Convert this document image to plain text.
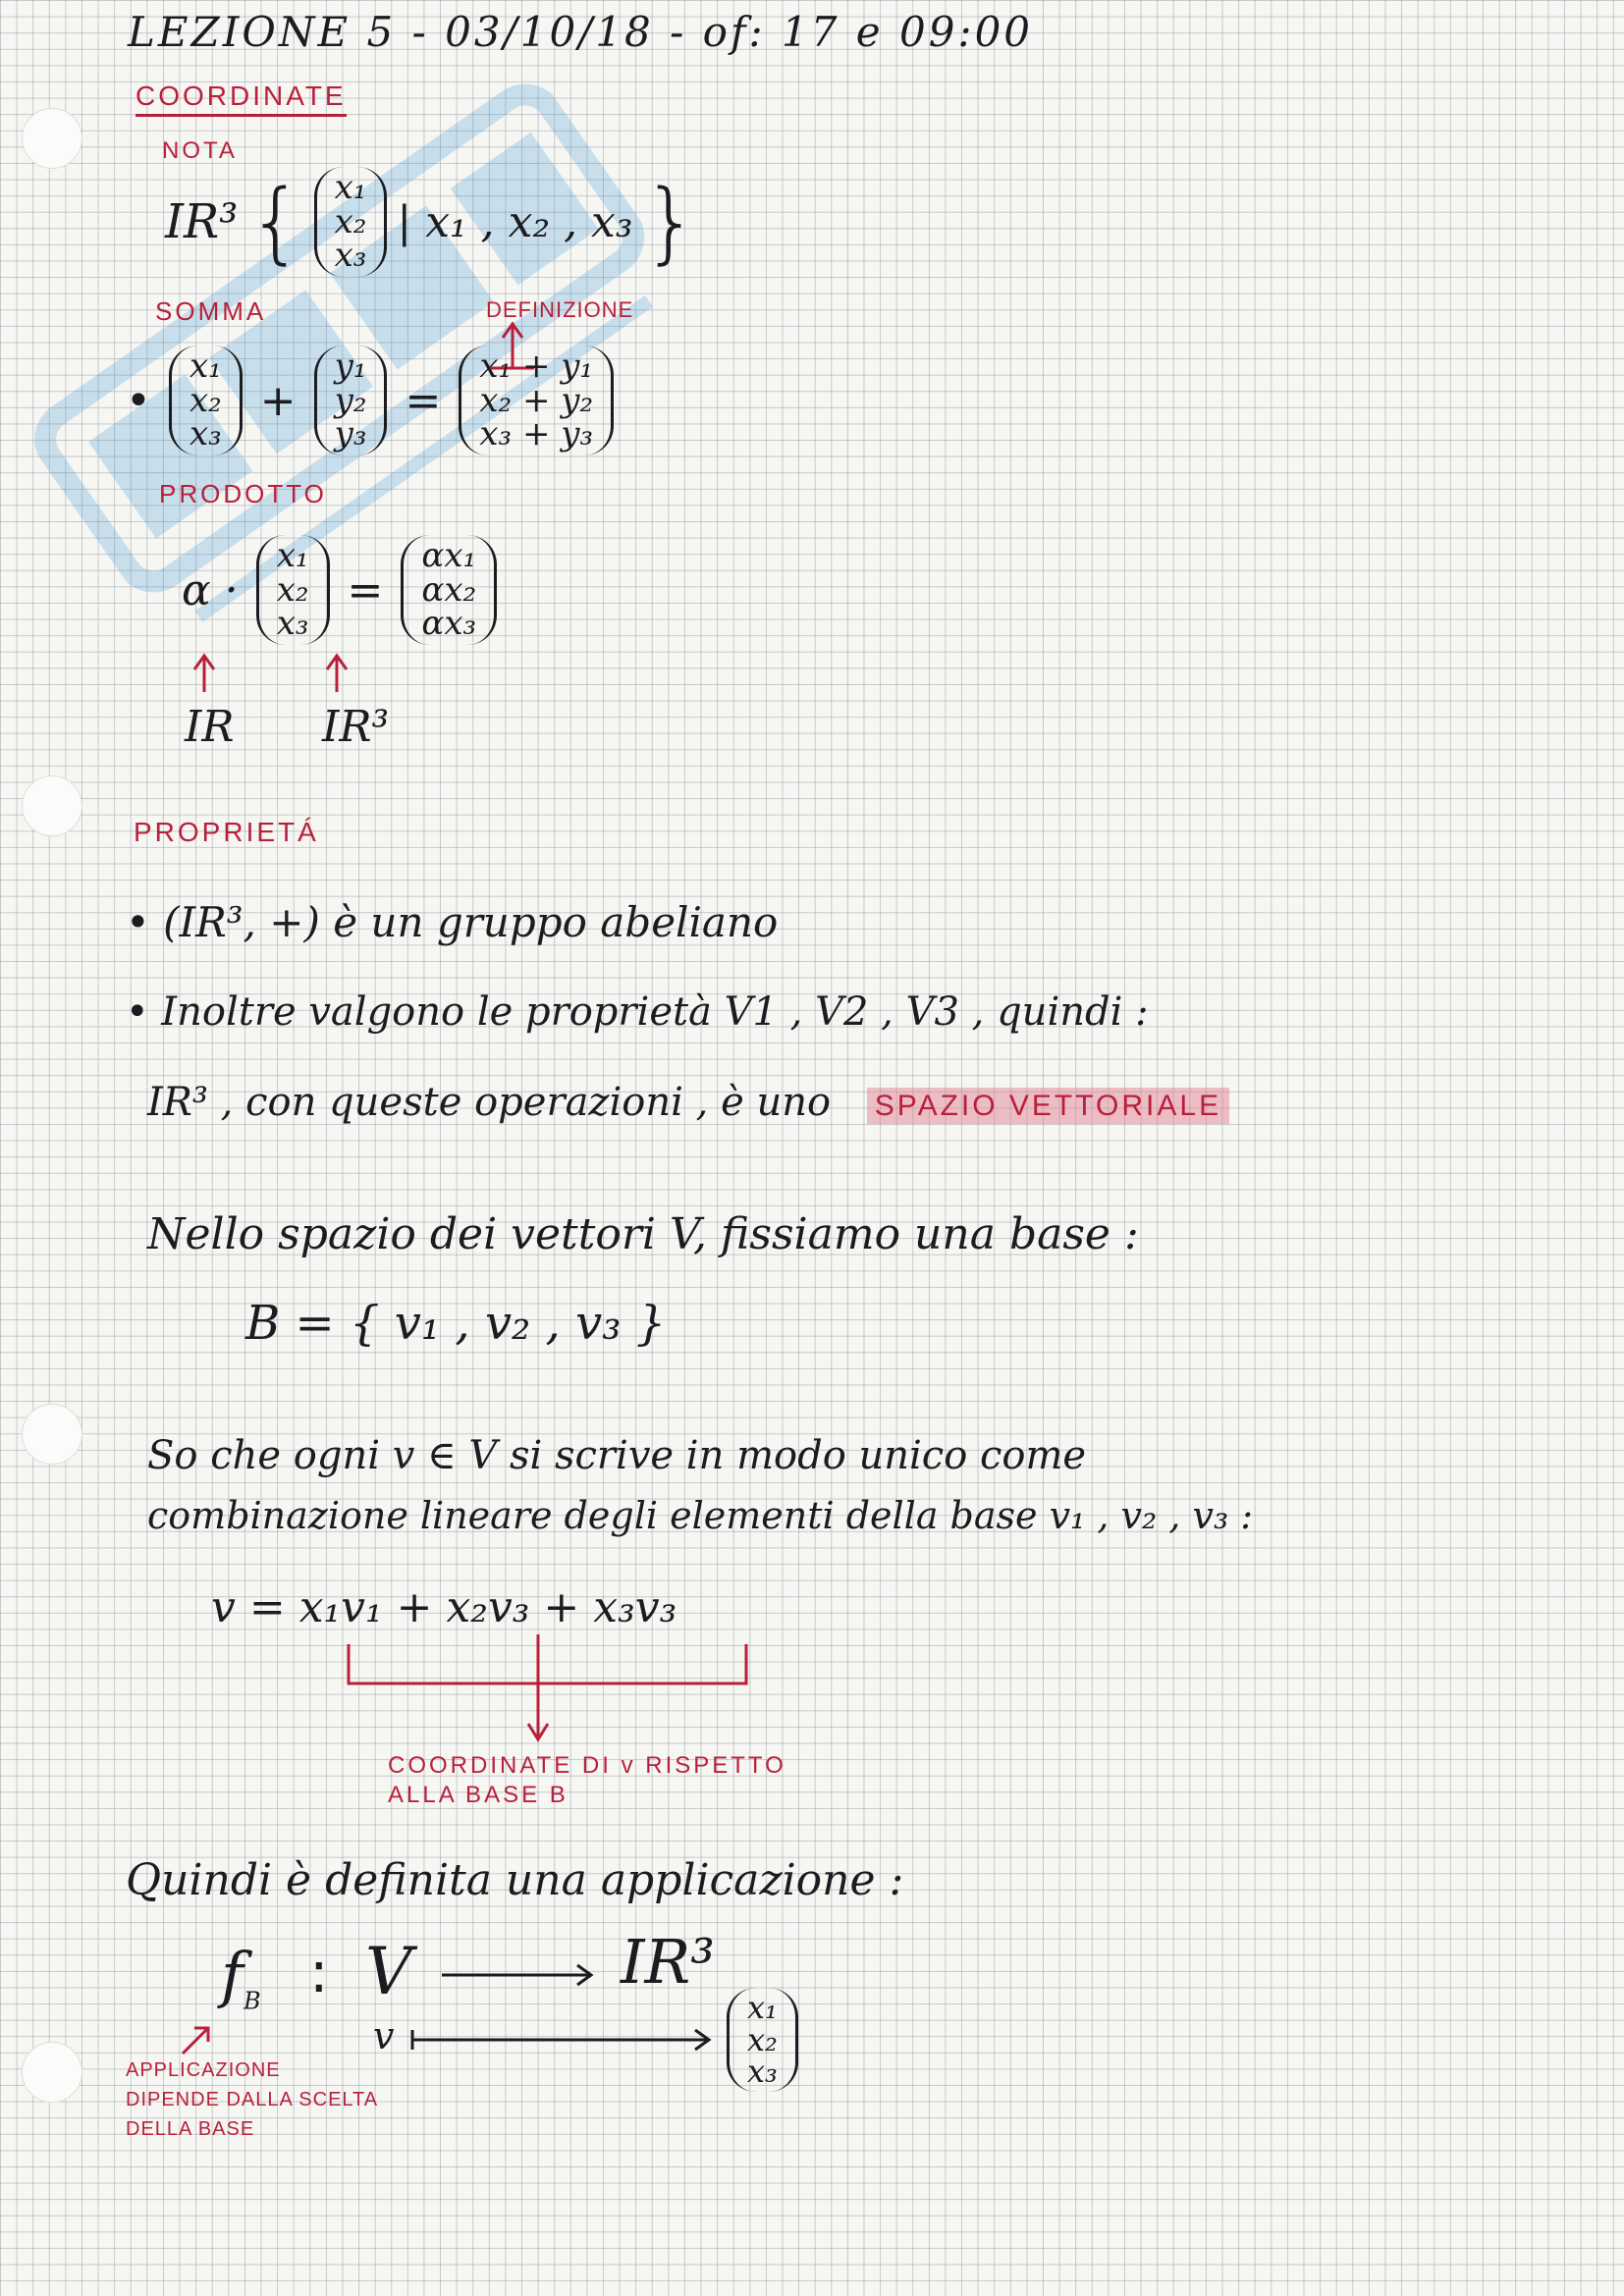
LEZIONE 5 - 03/10/18 - of: 17 e 09:00
COORDINATE
NOTA
IR³ { x₁
x₂
x₃
| x₁ , x₂ , x₃ }
SOMMA	DEFINIZIONE
•
x₁
x₂
x₃
+
y₁
y₂
y₃
=
x₁ + y₁
x₂ + y₂
x₃ + y₃
PRODOTTO
α ·
x₁
x₂
x₃
=
αx₁
αx₂
αx₃
IR IR³
PROPRIETÁ
• (IR³, +) è un gruppo abeliano
• Inoltre valgono le proprietà V1 , V2 , V3 , quindi :
IR³ , con queste operazioni , è uno SPAZIO VETTORIALE
Nello spazio dei vettori V, fissiamo una base :
B = { v₁ , v₂ , v₃ }
So che ogni v ∈ V si scrive in modo unico come
combinazione lineare degli elementi della base v₁ , v₂ , v₃ :
v = x₁v₁ + x₂v₃ + x₃v₃
COORDINATE DI v RISPETTO
ALLA BASE B
Quindi è definita una applicazione :
$f_B$ : V	IR³
v
x₁
x₂
x₃
APPLICAZIONE
DIPENDE DALLA SCELTA
DELLA BASE
